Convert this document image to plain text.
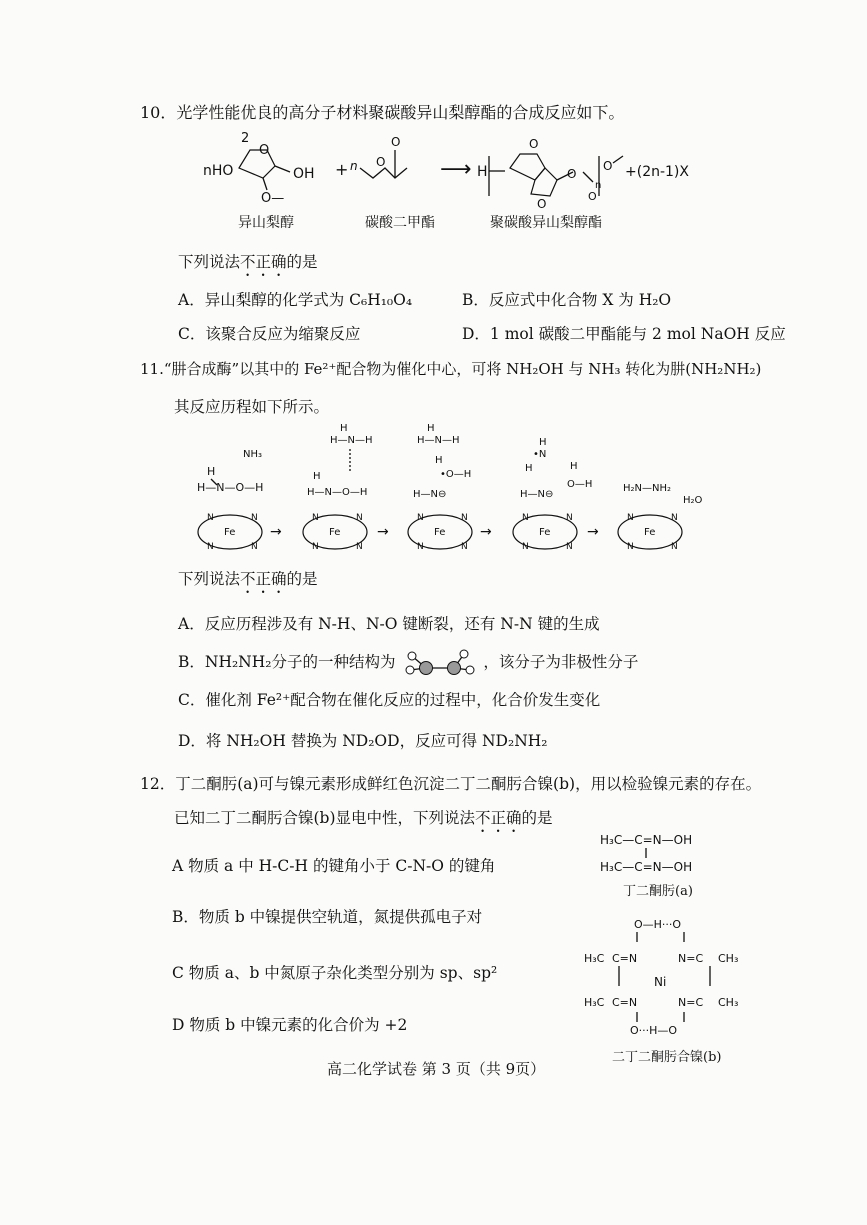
10．光学性能优良的高分子材料聚碳酸异山梨醇酯的合成反应如下。
nHO
2
O
OH
O—
+ n O
O
⟶ H
O
O
O
O
n
O +(2n-1)X
异山梨醇	碳酸二甲酯	聚碳酸异山梨醇酯
下列说法不正确的是
A．异山梨醇的化学式为 C₆H₁₀O₄	B．反应式中化合物 X 为 H₂O
C．该聚合反应为缩聚反应	D．1 mol 碳酸二甲酯能与 2 mol NaOH 反应
11.“肼合成酶”以其中的 Fe²⁺配合物为催化中心，可将 NH₂OH 与 NH₃ 转化为肼(NH₂NH₂)
其反应历程如下所示。
NH₃
H
H—N—O—H
N	N
N	N
Fe →
H—N—H
H
H
H—N—O—H
N	N
N	N
Fe	→
H—N—H
H
H
•O—H
H—N⊖
N	N
N	N
Fe →
•N
H
H	H
O—H
H—N⊖
N	N
N	N
Fe	→
H₂N—NH₂
H₂O
N	N
N	N
Fe
下列说法不正确的是
A．反应历程涉及有 N-H、N-O 键断裂，还有 N-N 键的生成
B．NH₂NH₂分子的一种结构为	，该分子为非极性分子
C．催化剂 Fe²⁺配合物在催化反应的过程中，化合价发生变化
D．将 NH₂OH 替换为 ND₂OD，反应可得 ND₂NH₂
12．丁二酮肟(a)可与镍元素形成鲜红色沉淀二丁二酮肟合镍(b)，用以检验镍元素的存在。
已知二丁二酮肟合镍(b)显电中性，下列说法不正确的是
A 物质 a 中 H-C-H 的键角小于 C-N-O 的键角
B．物质 b 中镍提供空轨道，氮提供孤电子对
C 物质 a、b 中氮原子杂化类型分别为 sp、sp²
D 物质 b 中镍元素的化合价为 +2
H₃C—C=N—OH
H₃C—C=N—OH
丁二酮肟(a)
O—H···O
H₃C C=N	N=C CH₃
Ni
H₃C C=N	N=C CH₃
O···H—O
二丁二酮肟合镍(b)
高二化学试卷 第 3 页（共 9页）
